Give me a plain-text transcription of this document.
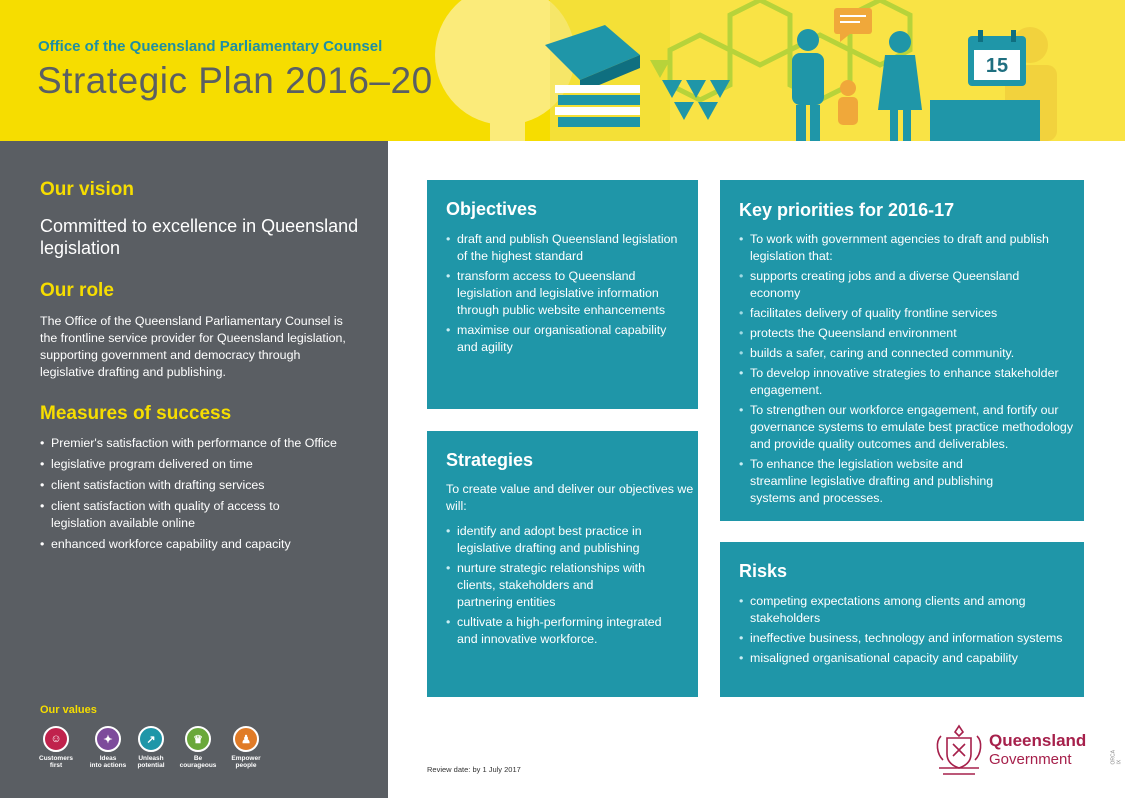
Office of the Queensland Parliamentary Counsel
Strategic Plan 2016–20	15
Our vision
Committed to excellence in Queensland legislation
Our role
The Office of the Queensland Parliamentary Counsel is the frontline service provider for Queensland legislation, supporting government and democracy through legislative drafting and publishing.
Measures of success
• Premier's satisfaction with performance of the Office
• legislative program delivered on time
• client satisfaction with drafting services
• client satisfaction with quality of access to legislation available online
• enhanced workforce capability and capacity
Our values
☺
Customers
first
✦
Ideas
into actions
↗
Unleash
potential
♛
Be
courageous
♟
Empower
people
Objectives
• draft and publish Queensland legislation of the highest standard
• transform access to Queensland legislation and legislative information through public website enhancements
• maximise our organisational capability and agility
Strategies
To create value and deliver our objectives we will:
• identify and adopt best practice in legislative drafting and publishing
• nurture strategic relationships with clients, stakeholders and partnering entities
• cultivate a high-performing integrated and innovative workforce.
Key priorities for 2016-17
• To work with government agencies to draft and publish legislation that:
• supports creating jobs and a diverse Queensland economy
• facilitates delivery of quality frontline services
• protects the Queensland environment
• builds a safer, caring and connected community.
• To develop innovative strategies to enhance stakeholder engagement.
• To strengthen our workforce engagement, and fortify our governance systems to emulate best practice methodology and provide quality outcomes and deliverables.
• To enhance the legislation website and streamline legislative drafting and publishing systems and processes.
Risks
• competing expectations among clients and among stakeholders
• ineffective business, technology and information systems
• misaligned organisational capacity and capability
Review date: by 1 July 2017
Queensland
Government	ORCA IX
